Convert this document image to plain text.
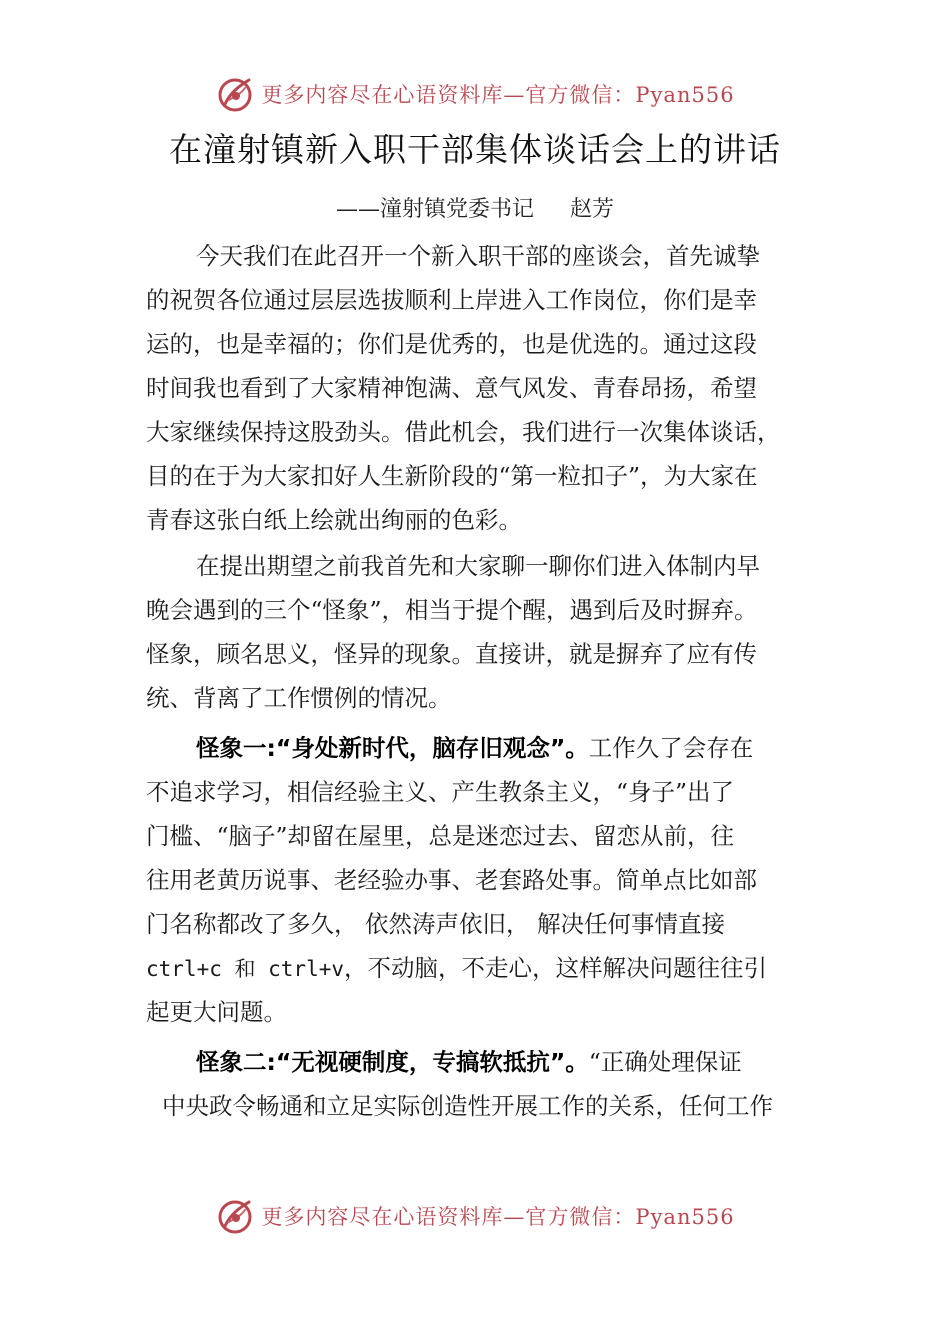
更多内容尽在心语资料库—官方微信：Pyan556
在潼射镇新入职干部集体谈话会上的讲话
——潼射镇党委书记 赵芳
今天我们在此召开一个新入职干部的座谈会，首先诚挚
的祝贺各位通过层层选拔顺利上岸进入工作岗位，你们是幸
运的，也是幸福的；你们是优秀的，也是优选的。通过这段
时间我也看到了大家精神饱满、意气风发、青春昂扬，希望
大家继续保持这股劲头。借此机会，我们进行一次集体谈话，
目的在于为大家扣好人生新阶段的“第一粒扣子”，为大家在
青春这张白纸上绘就出绚丽的色彩。
在提出期望之前我首先和大家聊一聊你们进入体制内早
晚会遇到的三个“怪象”，相当于提个醒，遇到后及时摒弃。
怪象，顾名思义，怪异的现象。直接讲，就是摒弃了应有传
统、背离了工作惯例的情况。
怪象一:“身处新时代，脑存旧观念”。工作久了会存在
不追求学习，相信经验主义、产生教条主义，“身子”出了
门槛、“脑子”却留在屋里，总是迷恋过去、留恋从前，往
往用老黄历说事、老经验办事、老套路处事。简单点比如部
门名称都改了多久， 依然涛声依旧， 解决任何事情直接
ctrl+c 和 ctrl+v，不动脑，不走心，这样解决问题往往引
起更大问题。
怪象二:“无视硬制度，专搞软抵抗”。“正确处理保证
中央政令畅通和立足实际创造性开展工作的关系，任何工作
更多内容尽在心语资料库—官方微信：Pyan556
